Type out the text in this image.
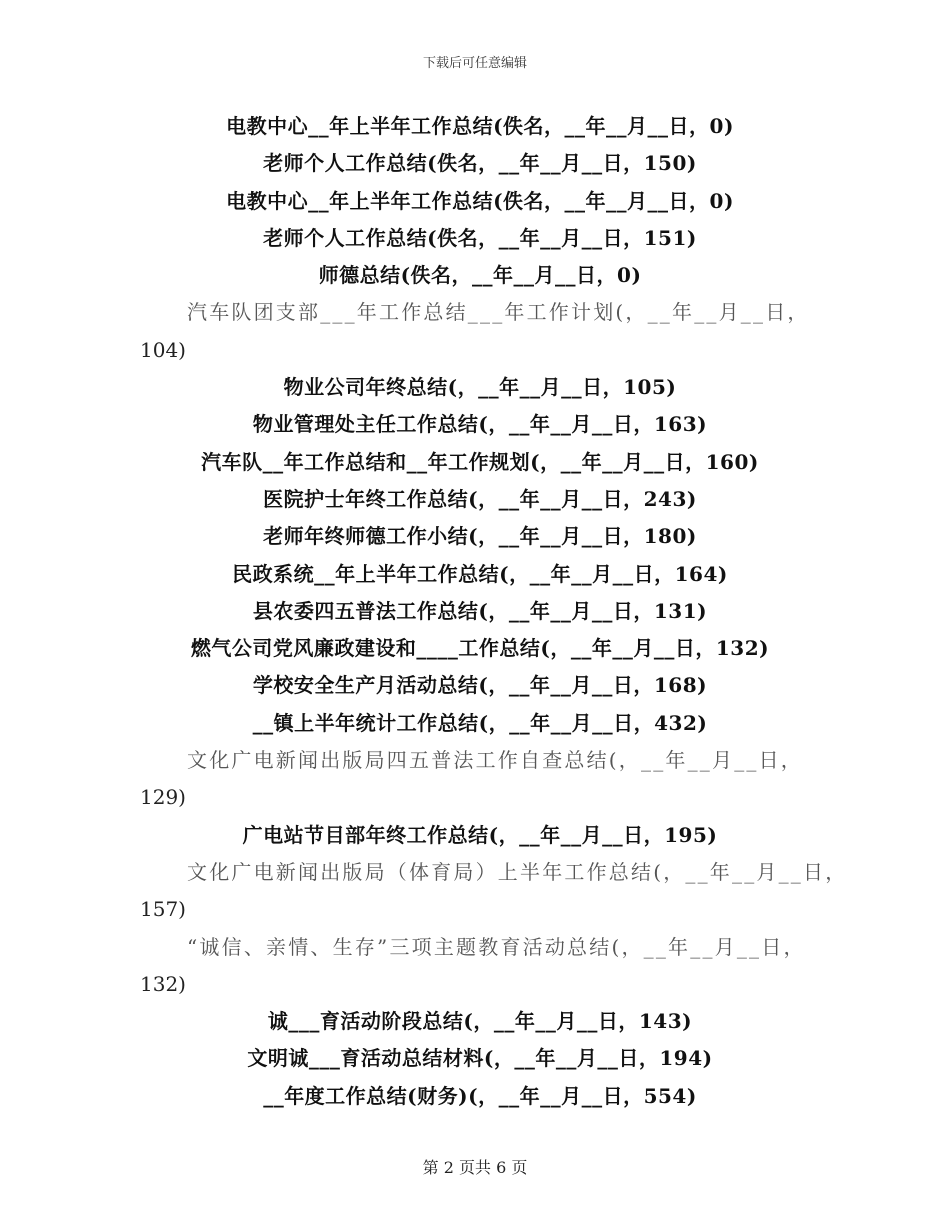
下载后可任意编辑
电教中心__年上半年工作总结(佚名，__年__月__日，0)
老师个人工作总结(佚名，__年__月__日，150)
电教中心__年上半年工作总结(佚名，__年__月__日，0)
老师个人工作总结(佚名，__年__月__日，151)
师德总结(佚名，__年__月__日，0)
汽车队团支部___年工作总结___年工作计划(，__年__月__日，
104)
物业公司年终总结(，__年__月__日，105)
物业管理处主任工作总结(，__年__月__日，163)
汽车队__年工作总结和__年工作规划(，__年__月__日，160)
医院护士年终工作总结(，__年__月__日，243)
老师年终师德工作小结(，__年__月__日，180)
民政系统__年上半年工作总结(，__年__月__日，164)
县农委四五普法工作总结(，__年__月__日，131)
燃气公司党风廉政建设和____工作总结(，__年__月__日，132)
学校安全生产月活动总结(，__年__月__日，168)
__镇上半年统计工作总结(，__年__月__日，432)
文化广电新闻出版局四五普法工作自查总结(，__年__月__日，
129)
广电站节目部年终工作总结(，__年__月__日，195)
文化广电新闻出版局（体育局）上半年工作总结(，__年__月__日，
157)
“诚信、亲情、生存”三项主题教育活动总结(，__年__月__日，
132)
诚___育活动阶段总结(，__年__月__日，143)
文明诚___育活动总结材料(，__年__月__日，194)
__年度工作总结(财务)(，__年__月__日，554)
第 2 页共 6 页
